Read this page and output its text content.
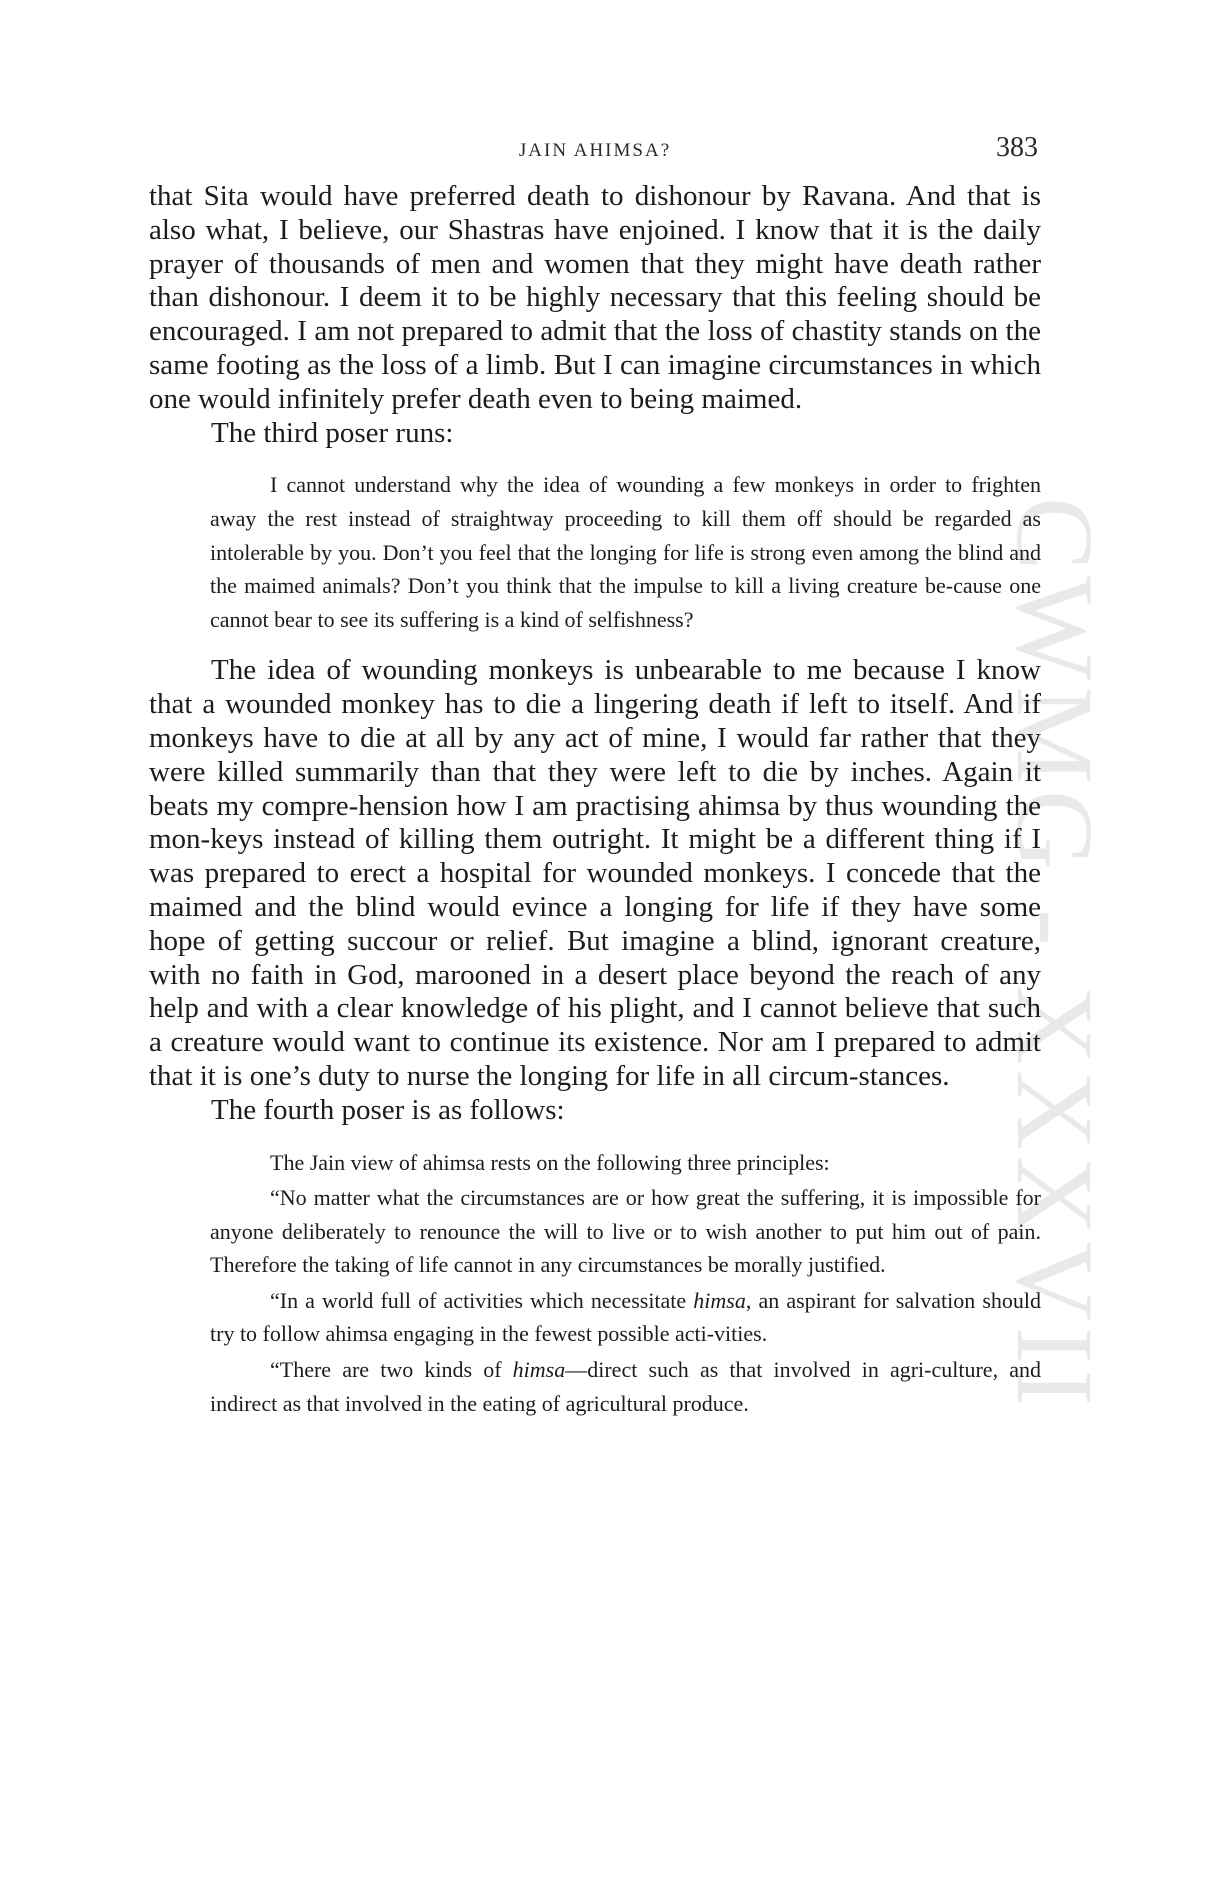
CWMG - XXXVII
JAIN AHIMSA?	383

that Sita would have preferred death to dishonour by Ravana. And that is also what, I believe, our Shastras have enjoined. I know that it is the daily prayer of thousands of men and women that they might have death rather than dishonour. I deem it to be highly necessary that this feeling should be encouraged. I am not prepared to admit that the loss of chastity stands on the same footing as the loss of a limb. But I can imagine circumstances in which one would infinitely prefer death even to being maimed.

The third poser runs:

I cannot understand why the idea of wounding a few monkeys in order to frighten away the rest instead of straightway proceeding to kill them off should be regarded as intolerable by you. Don’t you feel that the longing for life is strong even among the blind and the maimed animals? Don’t you think that the impulse to kill a living creature be-cause one cannot bear to see its suffering is a kind of selfishness?

The idea of wounding monkeys is unbearable to me because I know that a wounded monkey has to die a lingering death if left to itself. And if monkeys have to die at all by any act of mine, I would far rather that they were killed summarily than that they were left to die by inches. Again it beats my compre-hension how I am practising ahimsa by thus wounding the mon-keys instead of killing them outright. It might be a different thing if I was prepared to erect a hospital for wounded monkeys. I concede that the maimed and the blind would evince a longing for life if they have some hope of getting succour or relief. But imagine a blind, ignorant creature, with no faith in God, marooned in a desert place beyond the reach of any help and with a clear knowledge of his plight, and I cannot believe that such a creature would want to continue its existence. Nor am I prepared to admit that it is one’s duty to nurse the longing for life in all circum-stances.

The fourth poser is as follows:

The Jain view of ahimsa rests on the following three principles:

“No matter what the circumstances are or how great the suffering, it is impossible for anyone deliberately to renounce the will to live or to wish another to put him out of pain. Therefore the taking of life cannot in any circumstances be morally justified.

“In a world full of activities which necessitate himsa, an aspirant for salvation should try to follow ahimsa engaging in the fewest possible acti-vities.

“There are two kinds of himsa—direct such as that involved in agri-culture, and indirect as that involved in the eating of agricultural produce.
